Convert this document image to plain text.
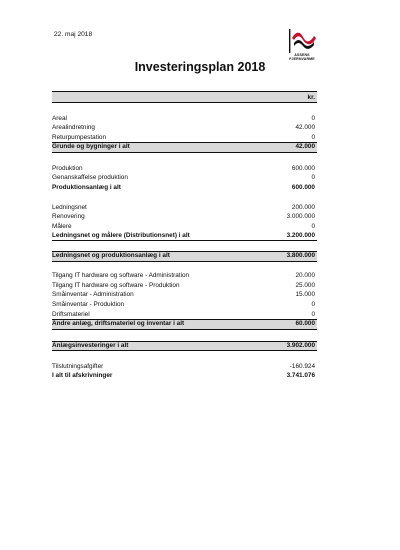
22. maj 2018
ASSENS
FJERNVARME
Investeringsplan 2018
kr.
Areal	0
Arealindretning	42.000
Returpumpestation	0
Grunde og bygninger i alt	42.000
Produktion	600.000
Genanskaffelse produktion	0
Produktionsanlæg i alt	600.000
Ledningsnet	200.000
Renovering	3.000.000
Målere	0
Ledningsnet og målere (Distributionsnet) i alt	3.200.000
Ledningsnet og produktionsanlæg i alt	3.800.000
Tilgang IT hardware og software - Administration	20.000
Tilgang IT hardware og software - Produktion	25.000
Småinventar - Administration	15.000
Småinventar - Produktion	0
Driftsmateriel	0
Andre anlæg, driftsmateriel og inventar i alt	60.000
Anlægsinvesteringer i alt	3.902.000
Tilslutningsafgifter	-160.924
I alt til afskrivninger	3.741.076
